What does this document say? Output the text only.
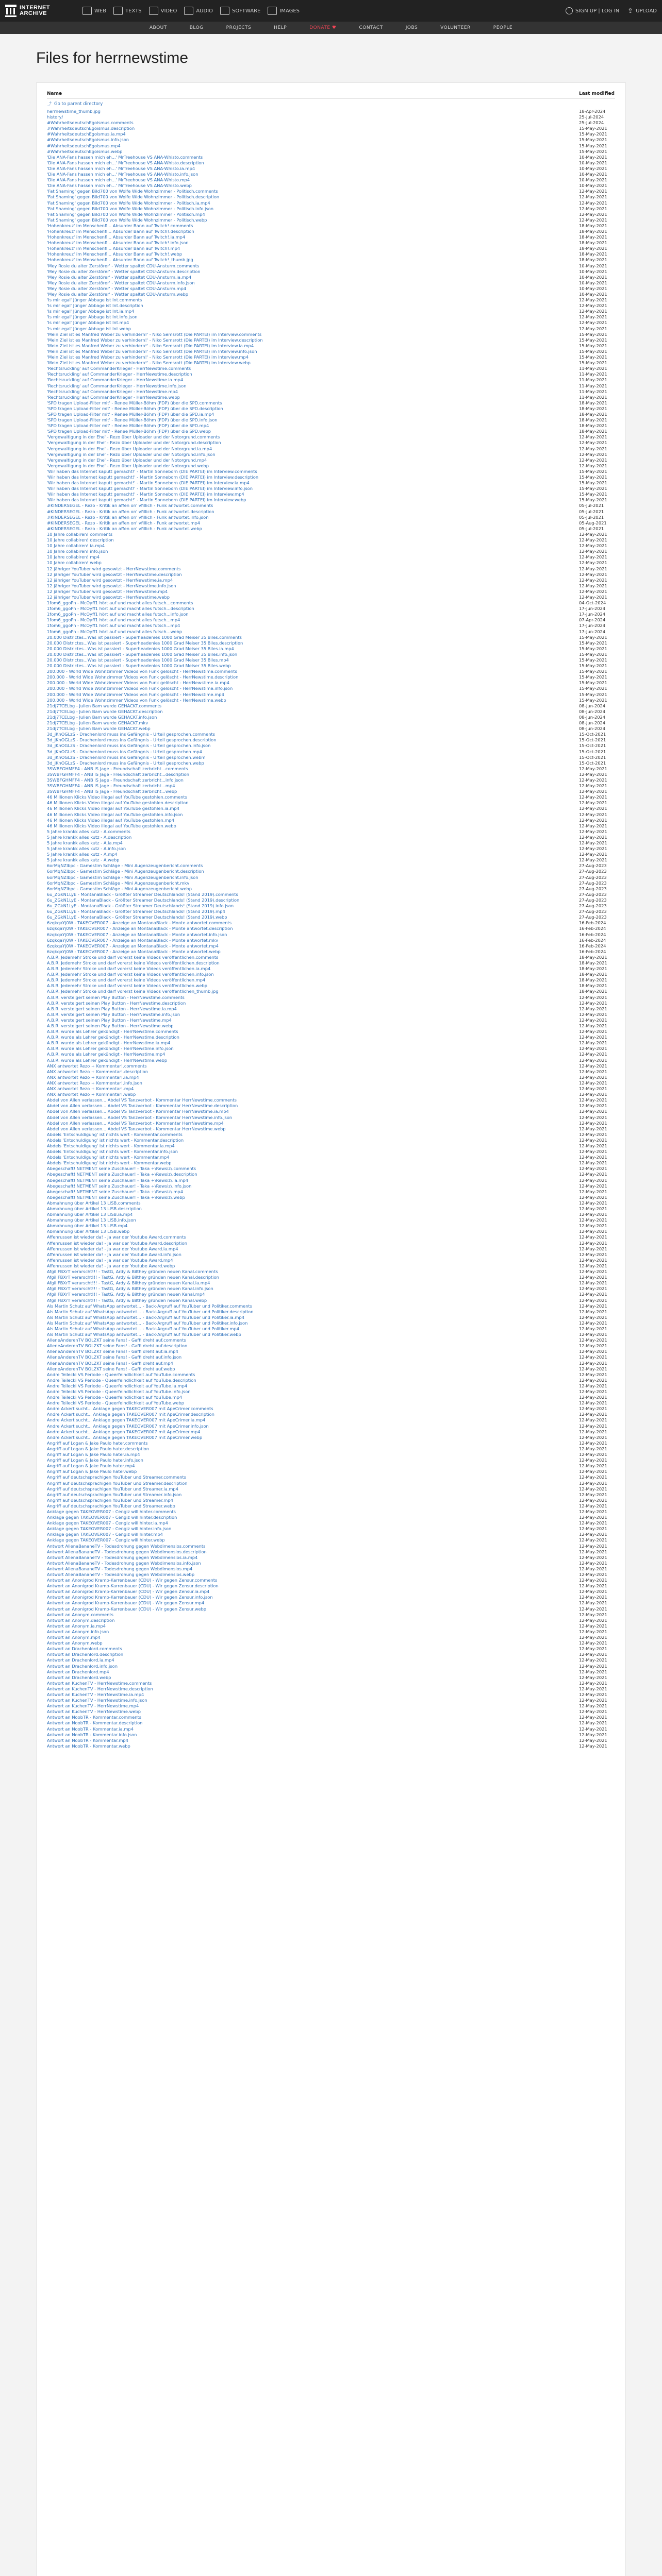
INTERNET
ARCHIVE	WEB	TEXTS	VIDEO	AUDIO	SOFTWARE	IMAGES	SIGN UP | LOG IN ⇪ UPLOAD
ABOUT	BLOG	PROJECTS	HELP	DONATE ♥	CONTACT	JOBS	VOLUNTEER	PEOPLE
Files for herrnewstime
Name	Last modified
⤴ Go to parent directory
herrnewstime_thumb.jpg	18-Apr-2024
history/	25-Jul-2024
#WahrheitsdeutschEgoismus.comments	25-Jul-2024
#WahrheitsdeutschEgoismus.description	15-May-2021
#WahrheitsdeutschEgoismus.ia.mp4	15-May-2021
#WahrheitsdeutschEgoismus.info.json	15-May-2021
#WahrheitsdeutschEgoismus.mp4	15-May-2021
#WahrheitsdeutschEgoismus.webp	15-May-2021
'Die ANA-Fans hassen mich eh...' MrTreehouse VS ANA-Whisto.comments	10-May-2021
'Die ANA-Fans hassen mich eh...' MrTreehouse VS ANA-Whisto.description	10-May-2021
'Die ANA-Fans hassen mich eh...' MrTreehouse VS ANA-Whisto.ia.mp4	10-May-2021
'Die ANA-Fans hassen mich eh...' MrTreehouse VS ANA-Whisto.info.json	10-May-2021
'Die ANA-Fans hassen mich eh...' MrTreehouse VS ANA-Whisto.mp4	10-May-2021
'Die ANA-Fans hassen mich eh...' MrTreehouse VS ANA-Whisto.webp	10-May-2021
'Fat Shaming' gegen Bild700 von Wolfe Wide Wohnzimmer - Politisch.comments	12-May-2021
'Fat Shaming' gegen Bild700 von Wolfe Wide Wohnzimmer - Politisch.description	12-May-2021
'Fat Shaming' gegen Bild700 von Wolfe Wide Wohnzimmer - Politisch.ia.mp4	12-May-2021
'Fat Shaming' gegen Bild700 von Wolfe Wide Wohnzimmer - Politisch.info.json	12-May-2021
'Fat Shaming' gegen Bild700 von Wolfe Wide Wohnzimmer - Politisch.mp4	12-May-2021
'Fat Shaming' gegen Bild700 von Wolfe Wide Wohnzimmer - Politisch.webp	12-May-2021
'Hohenkreuz' im Menschenfl... Absurder Bann auf Twitch!.comments	18-May-2021
'Hohenkreuz' im Menschenfl... Absurder Bann auf Twitch!.description	18-May-2021
'Hohenkreuz' im Menschenfl... Absurder Bann auf Twitch!.ia.mp4	18-May-2021
'Hohenkreuz' im Menschenfl... Absurder Bann auf Twitch!.info.json	18-May-2021
'Hohenkreuz' im Menschenfl... Absurder Bann auf Twitch!.mp4	18-May-2021
'Hohenkreuz' im Menschenfl... Absurder Bann auf Twitch!.webp	18-May-2021
'Hohenkreuz' im Menschenfl... Absurder Bann auf Twitch!_thumb.jpg	18-May-2021
'Mey Rosie du alter Zerstörer' - Wetter spaltet CDU-Ansturm.comments	10-May-2021
'Mey Rosie du alter Zerstörer' - Wetter spaltet CDU-Ansturm.description	10-May-2021
'Mey Rosie du alter Zerstörer' - Wetter spaltet CDU-Ansturm.ia.mp4	10-May-2021
'Mey Rosie du alter Zerstörer' - Wetter spaltet CDU-Ansturm.info.json	10-May-2021
'Mey Rosie du alter Zerstörer' - Wetter spaltet CDU-Ansturm.mp4	10-May-2021
'Mey Rosie du alter Zerstörer' - Wetter spaltet CDU-Ansturm.webp	10-May-2021
'Is mir egal' Jünger Abbage ist Int.comments	12-May-2021
'Is mir egal' Jünger Abbage ist Int.description	12-May-2021
'Is mir egal' Jünger Abbage ist Int.ia.mp4	12-May-2021
'Is mir egal' Jünger Abbage ist Int.info.json	12-May-2021
'Is mir egal' Jünger Abbage ist Int.mp4	12-May-2021
'Is mir egal' Jünger Abbage ist Int.webp	12-May-2021
'Mein Ziel ist es Manfred Weber zu verhindern!' - Niko Semsrott (Die PARTEI) im Interview.comments	15-May-2021
'Mein Ziel ist es Manfred Weber zu verhindern!' - Niko Semsrott (Die PARTEI) im Interview.description	15-May-2021
'Mein Ziel ist es Manfred Weber zu verhindern!' - Niko Semsrott (Die PARTEI) im Interview.ia.mp4	15-May-2021
'Mein Ziel ist es Manfred Weber zu verhindern!' - Niko Semsrott (Die PARTEI) im Interview.info.json	15-May-2021
'Mein Ziel ist es Manfred Weber zu verhindern!' - Niko Semsrott (Die PARTEI) im Interview.mp4	15-May-2021
'Mein Ziel ist es Manfred Weber zu verhindern!' - Niko Semsrott (Die PARTEI) im Interview.webp	15-May-2021
'Rechtsruckling' auf CommanderKrieger - HerrNewstime.comments	11-May-2021
'Rechtsruckling' auf CommanderKrieger - HerrNewstime.description	11-May-2021
'Rechtsruckling' auf CommanderKrieger - HerrNewstime.ia.mp4	11-May-2021
'Rechtsruckling' auf CommanderKrieger - HerrNewstime.info.json	11-May-2021
'Rechtsruckling' auf CommanderKrieger - HerrNewstime.mp4	11-May-2021
'Rechtsruckling' auf CommanderKrieger - HerrNewstime.webp	11-May-2021
'SPD tragen Upload-Filter mit' - Renee Müller-Böhm (FDP) über die SPD.comments	18-May-2021
'SPD tragen Upload-Filter mit' - Renee Müller-Böhm (FDP) über die SPD.description	18-May-2021
'SPD tragen Upload-Filter mit' - Renee Müller-Böhm (FDP) über die SPD.ia.mp4	18-May-2021
'SPD tragen Upload-Filter mit' - Renee Müller-Böhm (FDP) über die SPD.info.json	18-May-2021
'SPD tragen Upload-Filter mit' - Renee Müller-Böhm (FDP) über die SPD.mp4	18-May-2021
'SPD tragen Upload-Filter mit' - Renee Müller-Böhm (FDP) über die SPD.webp	18-May-2021
'Vergewaltigung in der Ehe' - Rezo über Uploader und der Notorgrund.comments	12-May-2021
'Vergewaltigung in der Ehe' - Rezo über Uploader und der Notorgrund.description	12-May-2021
'Vergewaltigung in der Ehe' - Rezo über Uploader und der Notorgrund.ia.mp4	12-May-2021
'Vergewaltigung in der Ehe' - Rezo über Uploader und der Notorgrund.info.json	12-May-2021
'Vergewaltigung in der Ehe' - Rezo über Uploader und der Notorgrund.mp4	12-May-2021
'Vergewaltigung in der Ehe' - Rezo über Uploader und der Notorgrund.webp	12-May-2021
'Wir haben das Internet kaputt gemacht!' - Martin Sonneborn (DIE PARTEI) im Interview.comments	15-May-2021
'Wir haben das Internet kaputt gemacht!' - Martin Sonneborn (DIE PARTEI) im Interview.description	15-May-2021
'Wir haben das Internet kaputt gemacht!' - Martin Sonneborn (DIE PARTEI) im Interview.ia.mp4	15-May-2021
'Wir haben das Internet kaputt gemacht!' - Martin Sonneborn (DIE PARTEI) im Interview.info.json	15-May-2021
'Wir haben das Internet kaputt gemacht!' - Martin Sonneborn (DIE PARTEI) im Interview.mp4	15-May-2021
'Wir haben das Internet kaputt gemacht!' - Martin Sonneborn (DIE PARTEI) im Interview.webp	15-May-2021
#KINDERSEGEL - Rezo - Kritik an affen on' vfillich - Funk antwortet.comments	05-Jul-2021
#KINDERSEGEL - Rezo - Kritik an affen on' vfillich - Funk antwortet.description	05-Jul-2021
#KINDERSEGEL - Rezo - Kritik an affen on' vfillich - Funk antwortet.info.json	05-Jul-2021
#KINDERSEGEL - Rezo - Kritik an affen on' vfillich - Funk antwortet.mp4	05-Aug-2021
#KINDERSEGEL - Rezo - Kritik an affen on' vfillich - Funk antwortet.webp	05-Jul-2021
10 Jahre collabiren! comments	12-May-2021
10 Jahre collabiren! description	12-May-2021
10 Jahre collabiren! ia.mp4	12-May-2021
10 Jahre collabiren! info.json	12-May-2021
10 Jahre collabiren! mp4	12-May-2021
10 Jahre collabiren! webp	12-May-2021
12 jähriger YouTuber wird gesowtzt - HerrNewstime.comments	12-May-2021
12 jähriger YouTuber wird gesowtzt - HerrNewstime.description	12-May-2021
12 jähriger YouTuber wird gesowtzt - HerrNewstime.ia.mp4	12-May-2021
12 jähriger YouTuber wird gesowtzt - HerrNewstime.info.json	12-May-2021
12 jähriger YouTuber wird gesowtzt - HerrNewstime.mp4	12-May-2021
12 jähriger YouTuber wird gesowtzt - HerrNewstime.webp	12-May-2021
1fom6_ggoPn - McOyff1 hört auf und macht alles futsch...comments	04-Oct-2024
1fom6_ggoPn - McOyff1 hört auf und macht alles futsch...description	17-Jun-2024
1fom6_ggoPn - McOyff1 hört auf und macht alles futsch...info.json	17-Jun-2024
1fom6_ggoPn - McOyff1 hört auf und macht alles futsch...mp4	07-Apr-2024
1fom6_ggoPn - McOyff1 hört auf und macht alles futsch...mp4	17-Jun-2024
1fom6_ggoPn - McOyff1 hört auf und macht alles futsch...webp	17-Jun-2024
20.000 Districtes...Was ist passiert - Superheadenies 1000 Grad Meiser 35 Biles.comments	15-May-2021
20.000 Districtes...Was ist passiert - Superheadenies 1000 Grad Meiser 35 Biles.description	15-May-2021
20.000 Districtes...Was ist passiert - Superheadenies 1000 Grad Meiser 35 Biles.ia.mp4	15-May-2021
20.000 Districtes...Was ist passiert - Superheadenies 1000 Grad Meiser 35 Biles.info.json	15-May-2021
20.000 Districtes...Was ist passiert - Superheadenies 1000 Grad Meiser 35 Biles.mp4	15-May-2021
20.000 Districtes...Was ist passiert - Superheadenies 1000 Grad Meiser 35 Biles.webp	15-May-2021
200.000 - World Wide Wohnzimmer Videos von Funk gelöscht - HerrNewstime.comments	15-May-2021
200.000 - World Wide Wohnzimmer Videos von Funk gelöscht - HerrNewstime.description	15-May-2021
200.000 - World Wide Wohnzimmer Videos von Funk gelöscht - HerrNewstime.ia.mp4	15-May-2021
200.000 - World Wide Wohnzimmer Videos von Funk gelöscht - HerrNewstime.info.json	15-May-2021
200.000 - World Wide Wohnzimmer Videos von Funk gelöscht - HerrNewstime.mp4	15-May-2021
200.000 - World Wide Wohnzimmer Videos von Funk gelöscht - HerrNewstime.webp	15-May-2021
21dj7TCELbg - Julien Bam wurde GEHACKT.comments	08-Jun-2024
21dj7TCELbg - Julien Bam wurde GEHACKT.description	08-Jun-2024
21dj7TCELbg - Julien Bam wurde GEHACKT.info.json	08-Jun-2024
21dj7TCELbg - Julien Bam wurde GEHACKT.mkv	08-Jun-2024
21dj7TCELbg - Julien Bam wurde GEHACKT.webp	08-Jun-2024
3d_jKnOGLzS - Drachenlord muss ins Gefängnis - Urteil gesprochen.comments	15-Oct-2021
3d_jKnOGLzS - Drachenlord muss ins Gefängnis - Urteil gesprochen.description	15-Oct-2021
3d_jKnOGLzS - Drachenlord muss ins Gefängnis - Urteil gesprochen.info.json	15-Oct-2021
3d_jKnOGLzS - Drachenlord muss ins Gefängnis - Urteil gesprochen.mp4	15-Oct-2021
3d_jKnOGLzS - Drachenlord muss ins Gefängnis - Urteil gesprochen.webm	15-Oct-2021
3d_jKnOGLzS - Drachenlord muss ins Gefängnis - Urteil gesprochen.webp	15-Oct-2021
3SWBFGHMFF4 - ANB IS Jage - Freundschaft zerbricht...comments	12-May-2021
3SWBFGHMFF4 - ANB IS Jage - Freundschaft zerbricht...description	12-May-2021
3SWBFGHMFF4 - ANB IS Jage - Freundschaft zerbricht...info.json	12-May-2021
3SWBFGHMFF4 - ANB IS Jage - Freundschaft zerbricht...mp4	12-May-2021
3SWBFGHMFF4 - ANB IS Jage - Freundschaft zerbricht...webp	12-May-2021
46 Millionen Klicks Video illegal auf YouTube gestohlen.comments	12-May-2021
46 Millionen Klicks Video illegal auf YouTube gestohlen.description	12-May-2021
46 Millionen Klicks Video illegal auf YouTube gestohlen.ia.mp4	12-May-2021
46 Millionen Klicks Video illegal auf YouTube gestohlen.info.json	12-May-2021
46 Millionen Klicks Video illegal auf YouTube gestohlen.mp4	12-May-2021
46 Millionen Klicks Video illegal auf YouTube gestohlen.webp	12-May-2021
5 Jahre krankk alles kutz - A.comments	12-May-2021
5 Jahre krankk alles kutz - A.description	12-May-2021
5 Jahre krankk alles kutz - A.ia.mp4	12-May-2021
5 Jahre krankk alles kutz - A.info.json	12-May-2021
5 Jahre krankk alles kutz - A.mp4	12-May-2021
5 Jahre krankk alles kutz - A.webp	12-May-2021
6orMqNZlbpc - Gamestim Schläge - Mini Augenzeugenbericht.comments	27-Aug-2023
6orMqNZlbpc - Gamestim Schläge - Mini Augenzeugenbericht.description	27-Aug-2023
6orMqNZlbpc - Gamestim Schläge - Mini Augenzeugenbericht.info.json	27-Aug-2023
6orMqNZlbpc - Gamestim Schläge - Mini Augenzeugenbericht.mkv	27-Aug-2023
6orMqNZlbpc - Gamestim Schläge - Mini Augenzeugenbericht.webp	27-Aug-2023
6u_ZGkN1LyE - MontanaBlack - Größter Streamer Deutschlands! (Stand 2019).comments	27-Aug-2023
6u_ZGkN1LyE - MontanaBlack - Größter Streamer Deutschlands! (Stand 2019).description	27-Aug-2023
6u_ZGkN1LyE - MontanaBlack - Größter Streamer Deutschlands! (Stand 2019).info.json	27-Aug-2023
6u_ZGkN1LyE - MontanaBlack - Größter Streamer Deutschlands! (Stand 2019).mp4	27-Aug-2023
6u_ZGkN1LyE - MontanaBlack - Größter Streamer Deutschlands! (Stand 2019).webp	27-Aug-2023
6zqkqaYj0W - TAKEOVER007 - Anzeige an MontanaBlack - Monte antwortet.comments	16-Feb-2024
6zqkqaYj0W - TAKEOVER007 - Anzeige an MontanaBlack - Monte antwortet.description	16-Feb-2024
6zqkqaYj0W - TAKEOVER007 - Anzeige an MontanaBlack - Monte antwortet.info.json	16-Feb-2024
6zqkqaYj0W - TAKEOVER007 - Anzeige an MontanaBlack - Monte antwortet.mkv	16-Feb-2024
6zqkqaYj0W - TAKEOVER007 - Anzeige an MontanaBlack - Monte antwortet.mp4	16-Feb-2024
6zqkqaYj0W - TAKEOVER007 - Anzeige an MontanaBlack - Monte antwortet.webp	16-Feb-2024
A.B.R. Jedemehr Stroke und darf vorerst keine Videos veröffentlichen.comments	18-May-2021
A.B.R. Jedemehr Stroke und darf vorerst keine Videos veröffentlichen.description	18-May-2021
A.B.R. Jedemehr Stroke und darf vorerst keine Videos veröffentlichen.ia.mp4	18-May-2021
A.B.R. Jedemehr Stroke und darf vorerst keine Videos veröffentlichen.info.json	18-May-2021
A.B.R. Jedemehr Stroke und darf vorerst keine Videos veröffentlichen.mp4	18-May-2021
A.B.R. Jedemehr Stroke und darf vorerst keine Videos veröffentlichen.webp	18-May-2021
A.B.R. Jedemehr Stroke und darf vorerst keine Videos veröffentlichen_thumb.jpg	18-May-2021
A.B.R. versteigert seinen Play Button - HerrNewstime.comments	12-May-2021
A.B.R. versteigert seinen Play Button - HerrNewstime.description	12-May-2021
A.B.R. versteigert seinen Play Button - HerrNewstime.ia.mp4	12-May-2021
A.B.R. versteigert seinen Play Button - HerrNewstime.info.json	12-May-2021
A.B.R. versteigert seinen Play Button - HerrNewstime.mp4	12-May-2021
A.B.R. versteigert seinen Play Button - HerrNewstime.webp	12-May-2021
A.B.R. wurde als Lehrer gekündigt - HerrNewstime.comments	12-May-2021
A.B.R. wurde als Lehrer gekündigt - HerrNewstime.description	12-May-2021
A.B.R. wurde als Lehrer gekündigt - HerrNewstime.ia.mp4	12-May-2021
A.B.R. wurde als Lehrer gekündigt - HerrNewstime.info.json	12-May-2021
A.B.R. wurde als Lehrer gekündigt - HerrNewstime.mp4	12-May-2021
A.B.R. wurde als Lehrer gekündigt - HerrNewstime.webp	12-May-2021
ANX antwortet Rezo + Kommentar!.comments	12-May-2021
ANX antwortet Rezo + Kommentar!.description	12-May-2021
ANX antwortet Rezo + Kommentar!.ia.mp4	12-May-2021
ANX antwortet Rezo + Kommentar!.info.json	12-May-2021
ANX antwortet Rezo + Kommentar!.mp4	12-May-2021
ANX antwortet Rezo + Kommentar!.webp	12-May-2021
Abdel von Allen verlassen... Abdel VS Tanzverbot - Kommentar HerrNewstime.comments	12-May-2021
Abdel von Allen verlassen... Abdel VS Tanzverbot - Kommentar HerrNewstime.description	12-May-2021
Abdel von Allen verlassen... Abdel VS Tanzverbot - Kommentar HerrNewstime.ia.mp4	12-May-2021
Abdel von Allen verlassen... Abdel VS Tanzverbot - Kommentar HerrNewstime.info.json	12-May-2021
Abdel von Allen verlassen... Abdel VS Tanzverbot - Kommentar HerrNewstime.mp4	12-May-2021
Abdel von Allen verlassen... Abdel VS Tanzverbot - Kommentar HerrNewstime.webp	12-May-2021
Abdels 'Entschuldigung' ist nichts wert - Kommentar.comments	12-May-2021
Abdels 'Entschuldigung' ist nichts wert - Kommentar.description	12-May-2021
Abdels 'Entschuldigung' ist nichts wert - Kommentar.ia.mp4	12-May-2021
Abdels 'Entschuldigung' ist nichts wert - Kommentar.info.json	12-May-2021
Abdels 'Entschuldigung' ist nichts wert - Kommentar.mp4	12-May-2021
Abdels 'Entschuldigung' ist nichts wert - Kommentar.webp	12-May-2021
Abegeschaft! NETMENT seine Zuschauer! - Taka +\Rewsiz\.comments	12-May-2021
Abegeschaft! NETMENT seine Zuschauer! - Taka +\Rewsiz\.description	12-May-2021
Abegeschaft! NETMENT seine Zuschauer! - Taka +\Rewsiz\.ia.mp4	12-May-2021
Abegeschaft! NETMENT seine Zuschauer! - Taka +\Rewsiz\.info.json	12-May-2021
Abegeschaft! NETMENT seine Zuschauer! - Taka +\Rewsiz\.mp4	12-May-2021
Abegeschaft! NETMENT seine Zuschauer! - Taka +\Rewsiz\.webp	12-May-2021
Abmahnung über Artikel 13 LISB.comments	12-May-2021
Abmahnung über Artikel 13 LISB.description	12-May-2021
Abmahnung über Artikel 13 LISB.ia.mp4	12-May-2021
Abmahnung über Artikel 13 LISB.info.json	12-May-2021
Abmahnung über Artikel 13 LISB.mp4	12-May-2021
Abmahnung über Artikel 13 LISB.webp	12-May-2021
Affenrussen ist wieder da! - Ja war der Youtube Award.comments	12-May-2021
Affenrussen ist wieder da! - Ja war der Youtube Award.description	12-May-2021
Affenrussen ist wieder da! - Ja war der Youtube Award.ia.mp4	12-May-2021
Affenrussen ist wieder da! - Ja war der Youtube Award.info.json	12-May-2021
Affenrussen ist wieder da! - Ja war der Youtube Award.mp4	12-May-2021
Affenrussen ist wieder da! - Ja war der Youtube Award.webp	12-May-2021
Afgil FBXrT verarscht!!! - TastG, Ardy & Bilthey gründen neuen Kanal.comments	12-May-2021
Afgil FBXrT verarscht!!! - TastG, Ardy & Bilthey gründen neuen Kanal.description	12-May-2021
Afgil FBXrT verarscht!!! - TastG, Ardy & Bilthey gründen neuen Kanal.ia.mp4	12-May-2021
Afgil FBXrT verarscht!!! - TastG, Ardy & Bilthey gründen neuen Kanal.info.json	12-May-2021
Afgil FBXrT verarscht!!! - TastG, Ardy & Bilthey gründen neuen Kanal.mp4	12-May-2021
Afgil FBXrT verarscht!!! - TastG, Ardy & Bilthey gründen neuen Kanal.webp	12-May-2021
Als Martin Schulz auf WhatsApp antwortet... - Back-Argruff auf YouTuber und Politiker.comments	12-May-2021
Als Martin Schulz auf WhatsApp antwortet... - Back-Argruff auf YouTuber und Politiker.description	12-May-2021
Als Martin Schulz auf WhatsApp antwortet... - Back-Argruff auf YouTuber und Politiker.ia.mp4	12-May-2021
Als Martin Schulz auf WhatsApp antwortet... - Back-Argruff auf YouTuber und Politiker.info.json	12-May-2021
Als Martin Schulz auf WhatsApp antwortet... - Back-Argruff auf YouTuber und Politiker.mp4	12-May-2021
Als Martin Schulz auf WhatsApp antwortet... - Back-Argruff auf YouTuber und Politiker.webp	12-May-2021
AlleneAnderenTV BOLZKT seine Fans! - Gaffi dreht auf.comments	12-May-2021
AlleneAnderenTV BOLZKT seine Fans! - Gaffi dreht auf.description	12-May-2021
AlleneAnderenTV BOLZKT seine Fans! - Gaffi dreht auf.ia.mp4	12-May-2021
AlleneAnderenTV BOLZKT seine Fans! - Gaffi dreht auf.info.json	12-May-2021
AlleneAnderenTV BOLZKT seine Fans! - Gaffi dreht auf.mp4	12-May-2021
AlleneAnderenTV BOLZKT seine Fans! - Gaffi dreht auf.webp	12-May-2021
Andre Teilecki VS Periode - Queerfeindlichkeit auf YouTube.comments	12-May-2021
Andre Teilecki VS Periode - Queerfeindlichkeit auf YouTube.description	12-May-2021
Andre Teilecki VS Periode - Queerfeindlichkeit auf YouTube.ia.mp4	12-May-2021
Andre Teilecki VS Periode - Queerfeindlichkeit auf YouTube.info.json	12-May-2021
Andre Teilecki VS Periode - Queerfeindlichkeit auf YouTube.mp4	12-May-2021
Andre Teilecki VS Periode - Queerfeindlichkeit auf YouTube.webp	12-May-2021
Andre Ackert sucht... Anklage gegen TAKEOVER007 mit ApeCrimer.comments	12-May-2021
Andre Ackert sucht... Anklage gegen TAKEOVER007 mit ApeCrimer.description	12-May-2021
Andre Ackert sucht... Anklage gegen TAKEOVER007 mit ApeCrimer.ia.mp4	12-May-2021
Andre Ackert sucht... Anklage gegen TAKEOVER007 mit ApeCrimer.info.json	12-May-2021
Andre Ackert sucht... Anklage gegen TAKEOVER007 mit ApeCrimer.mp4	12-May-2021
Andre Ackert sucht... Anklage gegen TAKEOVER007 mit ApeCrimer.webp	12-May-2021
Angriff auf Logan & Jake Paulo hater.comments	12-May-2021
Angriff auf Logan & Jake Paulo hater.description	12-May-2021
Angriff auf Logan & Jake Paulo hater.ia.mp4	12-May-2021
Angriff auf Logan & Jake Paulo hater.info.json	12-May-2021
Angriff auf Logan & Jake Paulo hater.mp4	12-May-2021
Angriff auf Logan & Jake Paulo hater.webp	12-May-2021
Angriff auf deutschsprachigen YouTuber und Streamer.comments	12-May-2021
Angriff auf deutschsprachigen YouTuber und Streamer.description	12-May-2021
Angriff auf deutschsprachigen YouTuber und Streamer.ia.mp4	12-May-2021
Angriff auf deutschsprachigen YouTuber und Streamer.info.json	12-May-2021
Angriff auf deutschsprachigen YouTuber und Streamer.mp4	12-May-2021
Angriff auf deutschsprachigen YouTuber und Streamer.webp	12-May-2021
Anklage gegen TAKEOVER007 - Cengiz will hinter.comments	12-May-2021
Anklage gegen TAKEOVER007 - Cengiz will hinter.description	12-May-2021
Anklage gegen TAKEOVER007 - Cengiz will hinter.ia.mp4	12-May-2021
Anklage gegen TAKEOVER007 - Cengiz will hinter.info.json	12-May-2021
Anklage gegen TAKEOVER007 - Cengiz will hinter.mp4	12-May-2021
Anklage gegen TAKEOVER007 - Cengiz will hinter.webp	12-May-2021
Antwort AllenaBananeTV - Todesdrohung gegen Webdimensios.comments	12-May-2021
Antwort AllenaBananeTV - Todesdrohung gegen Webdimensios.description	12-May-2021
Antwort AllenaBananeTV - Todesdrohung gegen Webdimensios.ia.mp4	12-May-2021
Antwort AllenaBananeTV - Todesdrohung gegen Webdimensios.info.json	12-May-2021
Antwort AllenaBananeTV - Todesdrohung gegen Webdimensios.mp4	12-May-2021
Antwort AllenaBananeTV - Todesdrohung gegen Webdimensios.webp	12-May-2021
Antwort an Anonigrod Kramp-Karrenbauer (CDU) - Wir gegen Zensur.comments	12-May-2021
Antwort an Anonigrod Kramp-Karrenbauer (CDU) - Wir gegen Zensur.description	12-May-2021
Antwort an Anonigrod Kramp-Karrenbauer (CDU) - Wir gegen Zensur.ia.mp4	12-May-2021
Antwort an Anonigrod Kramp-Karrenbauer (CDU) - Wir gegen Zensur.info.json	12-May-2021
Antwort an Anonigrod Kramp-Karrenbauer (CDU) - Wir gegen Zensur.mp4	12-May-2021
Antwort an Anonigrod Kramp-Karrenbauer (CDU) - Wir gegen Zensur.webp	12-May-2021
Antwort an Anonym.comments	12-May-2021
Antwort an Anonym.description	12-May-2021
Antwort an Anonym.ia.mp4	12-May-2021
Antwort an Anonym.info.json	12-May-2021
Antwort an Anonym.mp4	12-May-2021
Antwort an Anonym.webp	12-May-2021
Antwort an Drachenlord.comments	12-May-2021
Antwort an Drachenlord.description	12-May-2021
Antwort an Drachenlord.ia.mp4	12-May-2021
Antwort an Drachenlord.info.json	12-May-2021
Antwort an Drachenlord.mp4	12-May-2021
Antwort an Drachenlord.webp	12-May-2021
Antwort an KuchenTV - HerrNewstime.comments	12-May-2021
Antwort an KuchenTV - HerrNewstime.description	12-May-2021
Antwort an KuchenTV - HerrNewstime.ia.mp4	12-May-2021
Antwort an KuchenTV - HerrNewstime.info.json	12-May-2021
Antwort an KuchenTV - HerrNewstime.mp4	12-May-2021
Antwort an KuchenTV - HerrNewstime.webp	12-May-2021
Antwort an NoobTR - Kommentar.comments	12-May-2021
Antwort an NoobTR - Kommentar.description	12-May-2021
Antwort an NoobTR - Kommentar.ia.mp4	12-May-2021
Antwort an NoobTR - Kommentar.info.json	12-May-2021
Antwort an NoobTR - Kommentar.mp4	12-May-2021
Antwort an NoobTR - Kommentar.webp	12-May-2021
